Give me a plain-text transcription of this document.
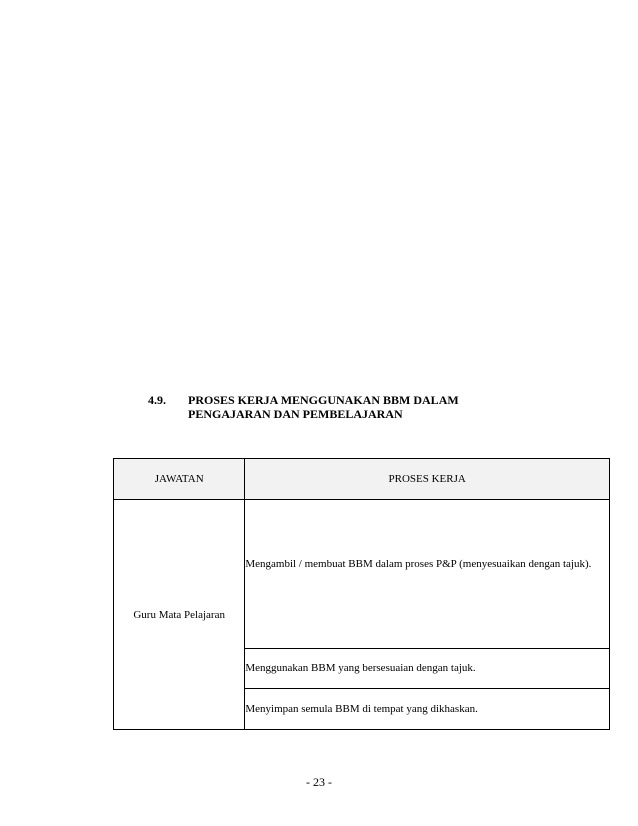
4.9.	PROSES KERJA MENGGUNAKAN BBM DALAM
PENGAJARAN DAN PEMBELAJARAN
JAWATAN	PROSES KERJA
Guru Mata Pelajaran	Mengambil / membuat BBM dalam proses P&P (menyesuaikan dengan tajuk).
	Menggunakan BBM yang bersesuaian dengan tajuk.
	Menyimpan semula BBM di tempat yang dikhaskan.
- 23 -
